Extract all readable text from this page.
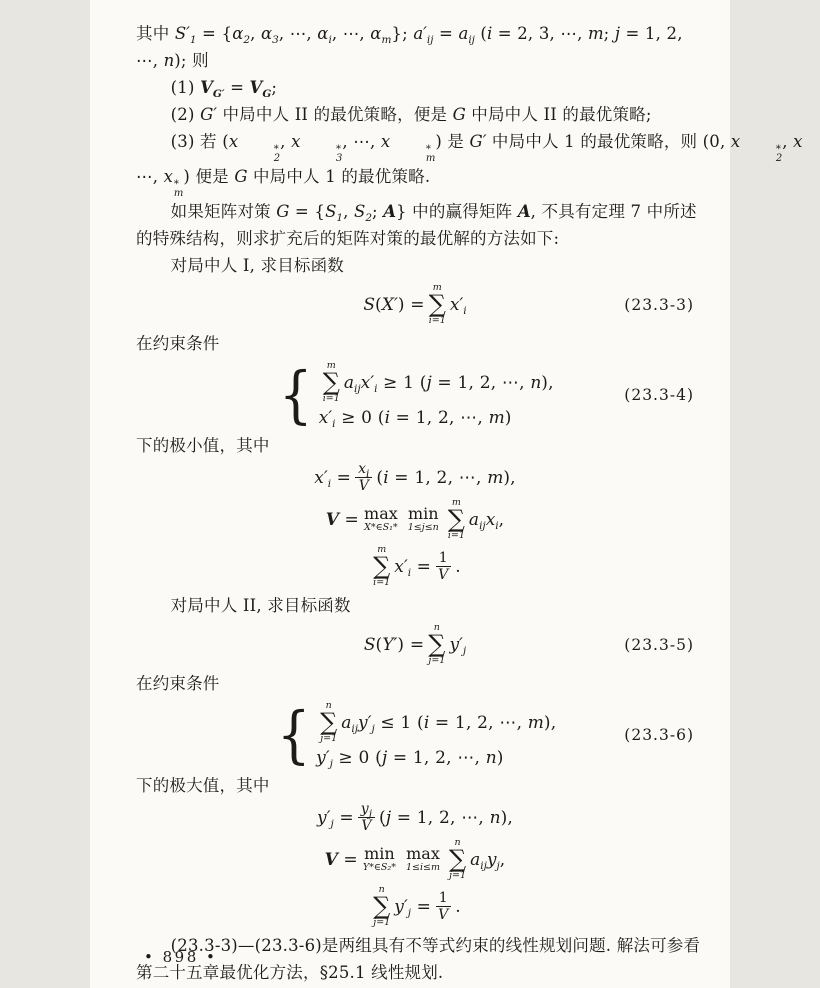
其中 $S'_1 = \{\alpha_2$, $\alpha_3$, ⋯, $\alpha_i$, ⋯, $\alpha_m$}; $a'_{ij} = a_{ij}$ (i = 2, 3, ⋯, m; j = 1, 2,
⋯, n); 则
(1) $V_{G'} = V_G$;
(2) G′ 中局中人 II 的最优策略，便是 G 中局中人 II 的最优策略;
(3) 若 (x	*
2
, x	*
3
, ⋯, x	*
m
) 是 G′ 中局中人 1 的最优策略，则 (0, x	*
2
, x
⋯, x *
m
) 便是 G 中局中人 1 的最优策略.
如果矩阵对策 $G = \{S_1$, $S_2$; A} 中的赢得矩阵 A, 不具有定理 7 中所述
的特殊结构，则求扩充后的矩阵对策的最优解的方法如下:
对局中人 I, 求目标函数
S(X′) =
m
∑
i=1
$x'_i$	(23.3-3)
在约束条件
{ m
∑
i=1
$a_{ij}x'_i \ge 1$ (j = 1, 2, ⋯, n),
$x'_i \ge 0$ (i = 1, 2, ⋯, m)
(23.3-4)
下的极小值，其中
$x'_i = \frac{x_i}{V} (i = 1$, 2, ⋯, m),
V = max
X*∈S₁*
min
1≤j≤n
m
∑
i=1
$a_{ij}x_i$,
m
∑
i=1
$x'_i = \frac{1}{V}$ .
对局中人 II, 求目标函数
S(Y′) =
n
∑
j=1
$y'_j$	(23.3-5)
在约束条件
{ n
∑
j=1
$a_{ij}y'_j \le 1$ (i = 1, 2, ⋯, m),
$y'_j \ge 0$ (j = 1, 2, ⋯, n)
(23.3-6)
下的极大值，其中
$y'_j = \frac{y_j}{V} (j = 1$, 2, ⋯, n),
V = min
Y*∈S₂*
max
1≤i≤m
n
∑
j=1
$a_{ij}y_j$,
n
∑
j=1
$y'_j = \frac{1}{V}$ .
(23.3-3)—(23.3-6)是两组具有不等式约束的线性规划问题. 解法可参看
第二十五章最优化方法，§25.1 线性规划.
• 898 •
